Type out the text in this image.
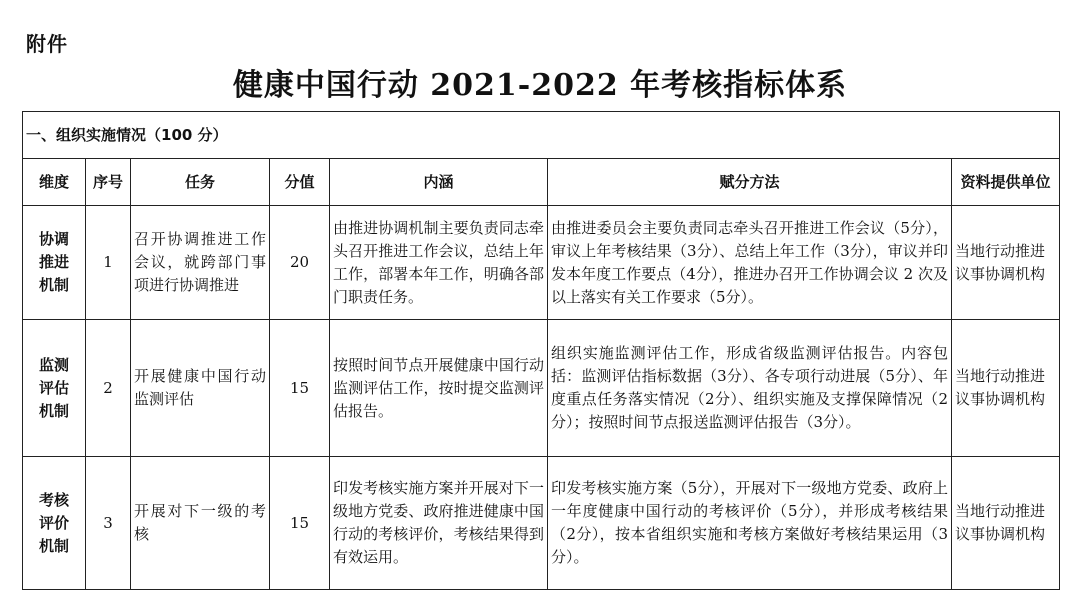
附件
健康中国行动 2021-2022 年考核指标体系
一、组织实施情况（100 分）						
维度	序号	任务	分值	内涵	赋分方法	资料提供单位

协调
推进
机制	1	召开协调推进工作会议，就跨部门事项进行协调推进	20	由推进协调机制主要负责同志牵头召开推进工作会议，总结上年工作，部署本年工作，明确各部门职责任务。	由推进委员会主要负责同志牵头召开推进工作会议（5分），审议上年考核结果（3分）、总结上年工作（3分），审议并印发本年度工作要点（4分），推进办召开工作协调会议 2 次及以上落实有关工作要求（5分）。	当地行动推进议事协调机构

监测
评估
机制	2	开展健康中国行动监测评估	15	按照时间节点开展健康中国行动监测评估工作，按时提交监测评估报告。	组织实施监测评估工作，形成省级监测评估报告。内容包括：监测评估指标数据（3分）、各专项行动进展（5分）、年度重点任务落实情况（2分）、组织实施及支撑保障情况（2分）；按照时间节点报送监测评估报告（3分）。	当地行动推进议事协调机构

考核
评价
机制	3	开展对下一级的考核	15	印发考核实施方案并开展对下一级地方党委、政府推进健康中国行动的考核评价，考核结果得到有效运用。	印发考核实施方案（5分），开展对下一级地方党委、政府上一年度健康中国行动的考核评价（5分），并形成考核结果（2分），按本省组织实施和考核方案做好考核结果运用（3分）。	当地行动推进议事协调机构
